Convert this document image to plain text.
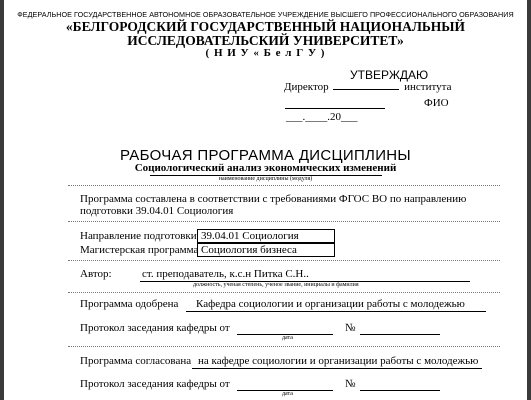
ФЕДЕРАЛЬНОЕ ГОСУДАРСТВЕННОЕ АВТОНОМНОЕ ОБРАЗОВАТЕЛЬНОЕ УЧРЕЖДЕНИЕ ВЫСШЕГО ПРОФЕССИОНАЛЬНОГО ОБРАЗОВАНИЯ
«БЕЛГОРОДСКИЙ ГОСУДАРСТВЕННЫЙ НАЦИОНАЛЬНЫЙ
ИССЛЕДОВАТЕЛЬСКИЙ УНИВЕРСИТЕТ»
( Н И У « Б е л Г У )
УТВЕРЖДАЮ
Директор	института
ФИО
___.____.20___
РАБОЧАЯ ПРОГРАММА ДИСЦИПЛИНЫ
Социологический анализ экономических изменений
наименование дисциплины (модуля)
Программа составлена в соответствии с требованиями ФГОС ВО по направлению
подготовки 39.04.01 Социология
Направление подготовки 39.04.01 Социология
Магистерская программа Социология бизнеса
Автор:	ст. преподаватель, к.с.н Питка С.Н..
должность, ученая степень, ученое звание, инициалы и фамилия
Программа одобрена Кафедра социологии и организации работы с молодежью
Протокол заседания кафедры от
дата
№
Программа согласована на кафедре социологии и организации работы с молодежью
Протокол заседания кафедры от
дата
№
